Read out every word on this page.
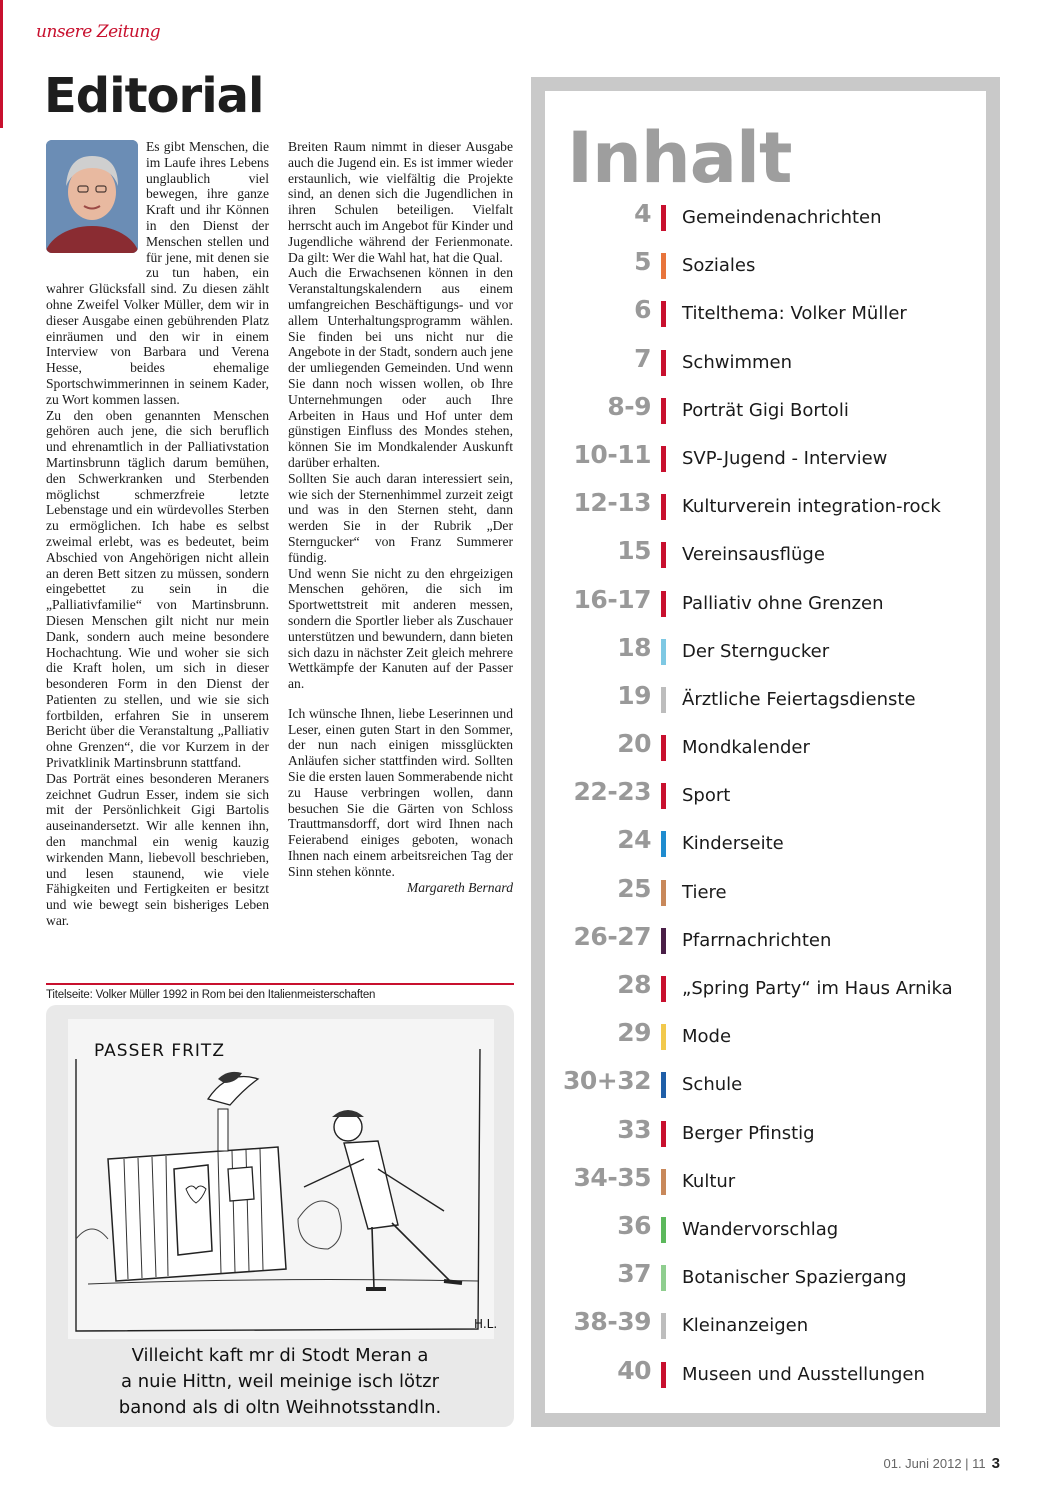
unsere Zeitung
Editorial

Es gibt Menschen, die im Laufe ihres Lebens unglaublich viel bewegen, ihre ganze Kraft und ihr Können in den Dienst der Menschen stellen und für jene, mit denen sie zu tun haben, ein wahrer Glücksfall sind. Zu diesen zählt ohne Zweifel Volker Müller, dem wir in dieser Ausgabe einen gebührenden Platz einräumen und den wir in einem Interview von Barbara und Verena Hesse, beides ehemalige Sportschwimmerinnen in seinem Kader, zu Wort kommen lassen.

Zu den oben genannten Menschen gehören auch jene, die sich beruflich und ehrenamtlich in der Palliativstation Martinsbrunn täglich darum bemühen, den Schwerkranken und Sterbenden möglichst schmerzfreie letzte Lebenstage und ein würdevolles Sterben zu ermöglichen. Ich habe es selbst zweimal erlebt, was es bedeutet, beim Abschied von Angehörigen nicht allein an deren Bett sitzen zu müssen, sondern eingebettet zu sein in die „Palliativfamilie“ von Martinsbrunn. Diesen Menschen gilt nicht nur mein Dank, sondern auch meine besondere Hochachtung. Wie und woher sie sich die Kraft holen, um sich in dieser besonderen Form in den Dienst der Patienten zu stellen, und wie sie sich fortbilden, erfahren Sie in unserem Bericht über die Veranstaltung „Palliativ ohne Grenzen“, die vor Kurzem in der Privatklinik Martinsbrunn stattfand.

Das Porträt eines besonderen Meraners zeichnet Gudrun Esser, indem sie sich mit der Persönlichkeit Gigi Bartolis auseinandersetzt. Wir alle kennen ihn, den manchmal ein wenig kauzig wirkenden Mann, liebevoll beschrieben, und lesen staunend, wie viele Fähigkeiten und Fertigkeiten er besitzt und wie bewegt sein bisheriges Leben war.

Breiten Raum nimmt in dieser Ausgabe auch die Jugend ein. Es ist immer wieder erstaunlich, wie vielfältig die Projekte sind, an denen sich die Jugendlichen in ihren Schulen beteiligen. Vielfalt herrscht auch im Angebot für Kinder und Jugendliche während der Ferienmonate. Da gilt: Wer die Wahl hat, hat die Qual.

Auch die Erwachsenen können in den Veranstaltungskalendern aus einem umfangreichen Beschäftigungs- und vor allem Unterhaltungsprogramm wählen. Sie finden bei uns nicht nur die Angebote in der Stadt, sondern auch jene der umliegenden Gemeinden. Und wenn Sie dann noch wissen wollen, ob Ihre Unternehmungen oder auch Ihre Arbeiten in Haus und Hof unter dem günstigen Einfluss des Mondes stehen, können Sie im Mondkalender Auskunft darüber erhalten.

Sollten Sie auch daran interessiert sein, wie sich der Sternenhimmel zurzeit zeigt und was in den Sternen steht, dann werden Sie in der Rubrik „Der Sterngucker“ von Franz Summerer fündig.

Und wenn Sie nicht zu den ehrgeizigen Menschen gehören, die sich im Sportwettstreit mit anderen messen, sondern die Sportler lieber als Zuschauer unterstützen und bewundern, dann bieten sich dazu in nächster Zeit gleich mehrere Wettkämpfe der Kanuten auf der Passer an.

Ich wünsche Ihnen, liebe Leserinnen und Leser, einen guten Start in den Sommer, der nun nach einigen missglückten Anläufen sicher stattfinden wird. Sollten Sie die ersten lauen Sommerabende nicht zu Hause verbringen wollen, dann besuchen Sie die Gärten von Schloss Trauttmansdorff, dort wird Ihnen nach Feierabend einiges geboten, wonach Ihnen nach einem arbeitsreichen Tag der Sinn stehen könnte.

Margareth Bernard

Titelseite: Volker Müller 1992 in Rom bei den Italienmeisterschaften
PASSER FRITZ
H.L.
Villeicht kaft mr di Stodt Meran a
a nuie Hittn, weil meinige isch lötzr
banond als di oltn Weihnotsstandln.
Inhalt
4 Gemeindenachrichten
5 Soziales
6 Titelthema: Volker Müller
7 Schwimmen
8-9 Porträt Gigi Bortoli
10-11 SVP-Jugend - Interview
12-13 Kulturverein integration-rock
15 Vereinsausflüge
16-17 Palliativ ohne Grenzen
18 Der Sterngucker
19 Ärztliche Feiertagsdienste
20 Mondkalender
22-23 Sport
24 Kinderseite
25 Tiere
26-27 Pfarrnachrichten
28 „Spring Party“ im Haus Arnika
29 Mode
30+32 Schule
33 Berger Pfinstig
34-35 Kultur
36 Wandervorschlag
37 Botanischer Spaziergang
38-39 Kleinanzeigen
40 Museen und Ausstellungen
01. Juni 2012 | 11 3
